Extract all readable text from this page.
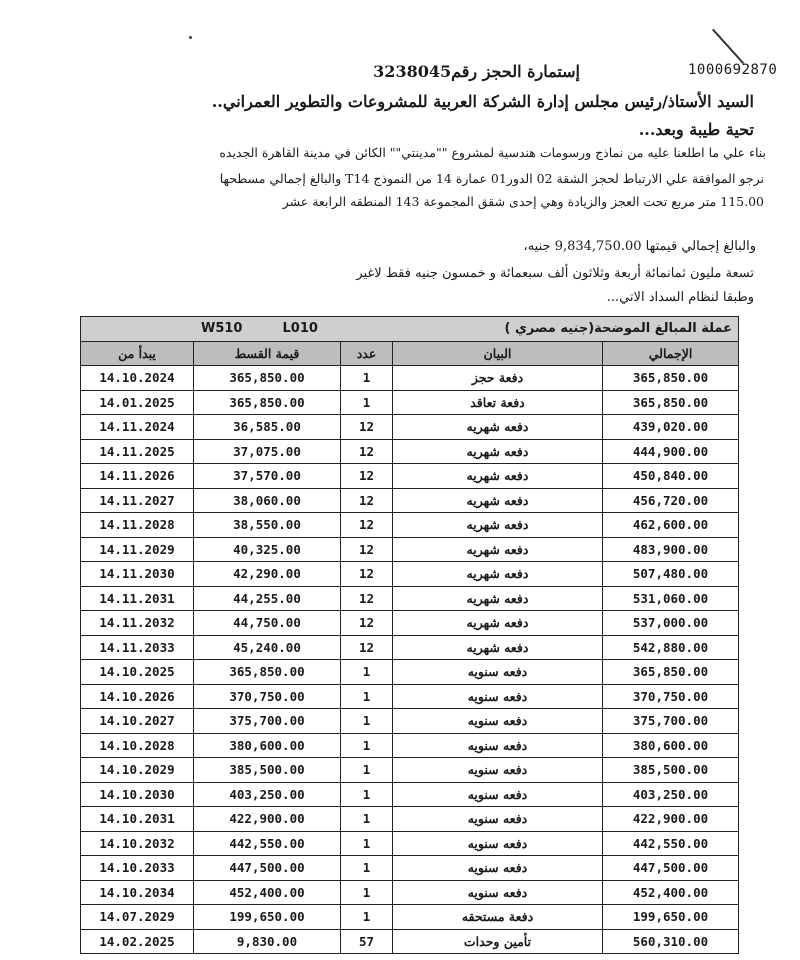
1000692870
إستمارة الحجز رقم3238045
السيد الأستاذ/رئيس مجلس إدارة الشركة العربية للمشروعات والتطوير العمراني..
تحية طيبة وبعد...
بناء علي ما اطلعنا عليه من نماذج ورسومات هندسية لمشروع ""مدينتي"" الكائن في مدينة القاهرة الجديده
نرجو الموافقة علي الارتباط لحجز الشقة 02 الدور01 عمارة 14 من النموذج T14 والبالغ إجمالي مسطحها
115.00 متر مربع تحت العجز والزيادة وهي إحدى شقق المجموعة 143 المنطقه الرابعة عشر
والبالغ إجمالي قيمتها 9,834,750.00 جنيه،
تسعة مليون ثمانمائة أربعة وثلاثون ألف سبعمائة و خمسون جنيه فقط لاغير
وطبقا لنظام السداد الاتي...
W510 L010 عملة المبالغ الموضحة(جنيه مصري )				

يبدأ من	قيمة القسط	عدد	البيان	الإجمالي
14.10.2024	365,850.00	1	دفعة حجز	365,850.00
14.01.2025	365,850.00	1	دفعة تعاقد	365,850.00
14.11.2024	36,585.00	12	دفعه شهريه	439,020.00
14.11.2025	37,075.00	12	دفعه شهريه	444,900.00
14.11.2026	37,570.00	12	دفعه شهريه	450,840.00
14.11.2027	38,060.00	12	دفعه شهريه	456,720.00
14.11.2028	38,550.00	12	دفعه شهريه	462,600.00
14.11.2029	40,325.00	12	دفعه شهريه	483,900.00
14.11.2030	42,290.00	12	دفعه شهريه	507,480.00
14.11.2031	44,255.00	12	دفعه شهريه	531,060.00
14.11.2032	44,750.00	12	دفعه شهريه	537,000.00
14.11.2033	45,240.00	12	دفعه شهريه	542,880.00
14.10.2025	365,850.00	1	دفعه سنويه	365,850.00
14.10.2026	370,750.00	1	دفعه سنويه	370,750.00
14.10.2027	375,700.00	1	دفعه سنويه	375,700.00
14.10.2028	380,600.00	1	دفعه سنويه	380,600.00
14.10.2029	385,500.00	1	دفعه سنويه	385,500.00
14.10.2030	403,250.00	1	دفعه سنويه	403,250.00
14.10.2031	422,900.00	1	دفعه سنويه	422,900.00
14.10.2032	442,550.00	1	دفعه سنويه	442,550.00
14.10.2033	447,500.00	1	دفعه سنويه	447,500.00
14.10.2034	452,400.00	1	دفعه سنويه	452,400.00
14.07.2029	199,650.00	1	دفعة مستحقه	199,650.00
14.02.2025	9,830.00	57	تأمين وحدات	560,310.00
